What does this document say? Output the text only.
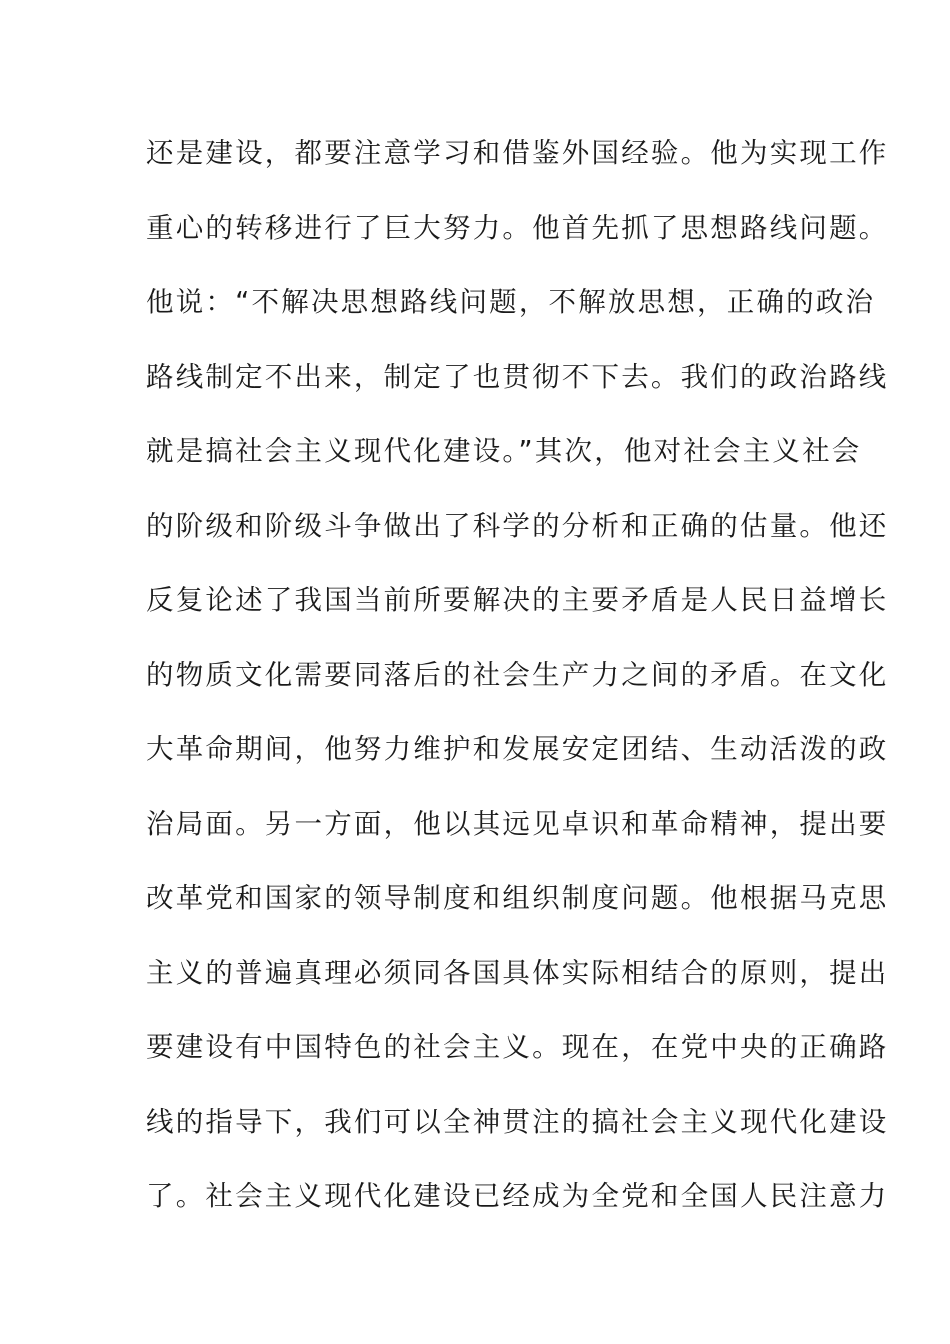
还是建设，都要注意学习和借鉴外国经验。他为实现工作
重心的转移进行了巨大努力。他首先抓了思想路线问题。
他说：“不解决思想路线问题，不解放思想，正确的政治
路线制定不出来，制定了也贯彻不下去。我们的政治路线
就是搞社会主义现代化建设。”其次，他对社会主义社会
的阶级和阶级斗争做出了科学的分析和正确的估量。他还
反复论述了我国当前所要解决的主要矛盾是人民日益增长
的物质文化需要同落后的社会生产力之间的矛盾。在文化
大革命期间，他努力维护和发展安定团结、生动活泼的政
治局面。另一方面，他以其远见卓识和革命精神，提出要
改革党和国家的领导制度和组织制度问题。他根据马克思
主义的普遍真理必须同各国具体实际相结合的原则，提出
要建设有中国特色的社会主义。现在，在党中央的正确路
线的指导下，我们可以全神贯注的搞社会主义现代化建设
了。社会主义现代化建设已经成为全党和全国人民注意力
